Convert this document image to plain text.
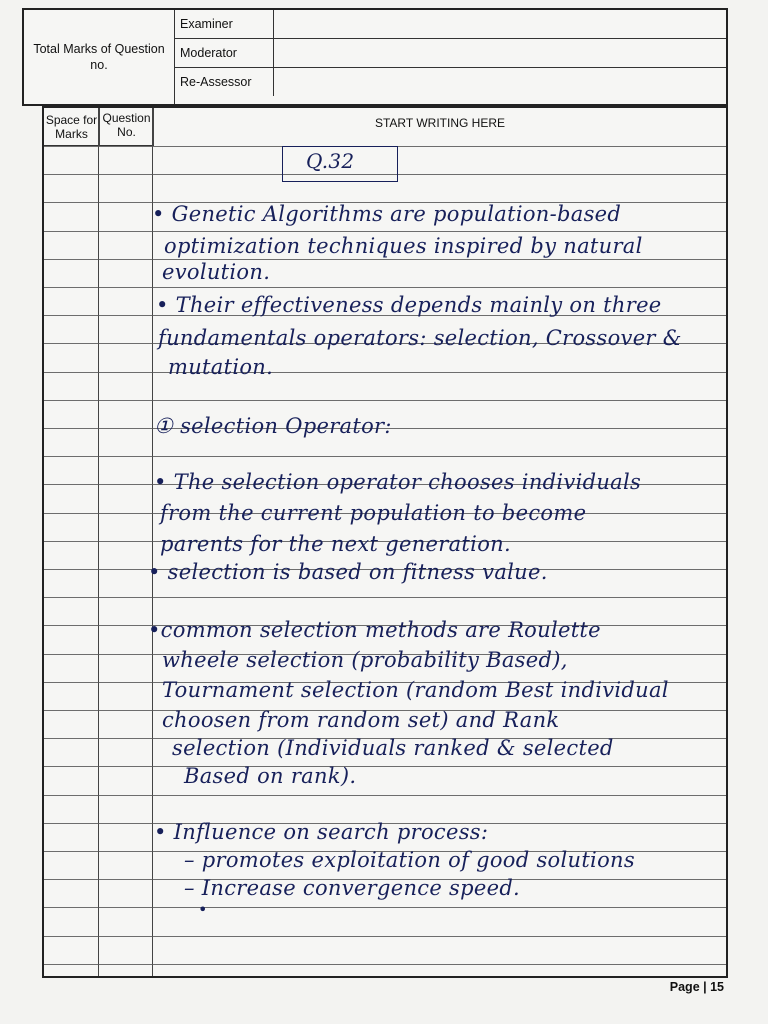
Total Marks of Question no.
Examiner
Moderator
Re-Assessor
Space for Marks
Question No.
START WRITING HERE
Q.32
• Genetic Algorithms are population-based
optimization techniques inspired by natural
evolution.
• Their effectiveness depends mainly on three
fundamentals operators: selection, Crossover &
mutation.
① selection Operator:
• The selection operator chooses individuals
from the current population to become
parents for the next generation.
• selection is based on fitness value.
•common selection methods are Roulette
wheele selection (probability Based),
Tournament selection (random Best individual
choosen from random set) and Rank
selection (Individuals ranked & selected
Based on rank).
• Influence on search process:
– promotes exploitation of good solutions
– Increase convergence speed.
•
Page | 15
